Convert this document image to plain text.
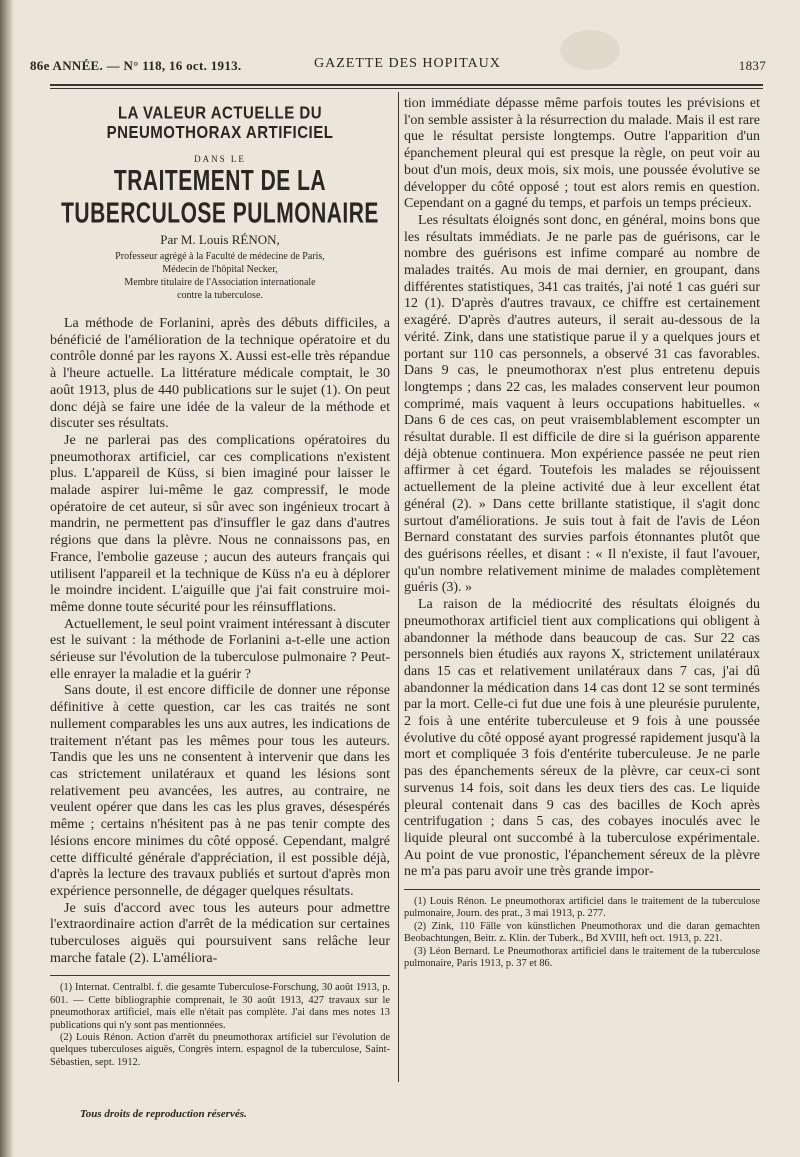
86e ANNÉE. — N° 118, 16 oct. 1913.	GAZETTE DES HOPITAUX	1837
LA VALEUR ACTUELLE DU PNEUMOTHORAX ARTIFICIEL
DANS LE
TRAITEMENT DE LA TUBERCULOSE PULMONAIRE
Par M. Louis RÉNON,
Professeur agrégé à la Faculté de médecine de Paris,
Médecin de l'hôpital Necker,
Membre titulaire de l'Association internationale
contre la tuberculose.

La méthode de Forlanini, après des débuts difficiles, a bénéficié de l'amélioration de la technique opératoire et du contrôle donné par les rayons X. Aussi est-elle très répandue à l'heure actuelle. La littérature médicale comptait, le 30 août 1913, plus de 440 publications sur le sujet (1). On peut donc déjà se faire une idée de la valeur de la méthode et discuter ses résultats.

Je ne parlerai pas des complications opératoires du pneumothorax artificiel, car ces complications n'existent plus. L'appareil de Küss, si bien imaginé pour laisser le malade aspirer lui-même le gaz compressif, le mode opératoire de cet auteur, si sûr avec son ingénieux trocart à mandrin, ne permettent pas d'insuffler le gaz dans d'autres régions que dans la plèvre. Nous ne connaissons pas, en France, l'embolie gazeuse ; aucun des auteurs français qui utilisent l'appareil et la technique de Küss n'a eu à déplorer le moindre incident. L'aiguille que j'ai fait construire moi-même donne toute sécurité pour les réinsufflations.

Actuellement, le seul point vraiment intéressant à discuter est le suivant : la méthode de Forlanini a-t-elle une action sérieuse sur l'évolution de la tuberculose pulmonaire ? Peut-elle enrayer la maladie et la guérir ?

Sans doute, il est encore difficile de donner une réponse définitive à cette question, car les cas traités ne sont nullement comparables les uns aux autres, les indications de traitement n'étant pas les mêmes pour tous les auteurs. Tandis que les uns ne consentent à intervenir que dans les cas strictement unilatéraux et quand les lésions sont relativement peu avancées, les autres, au contraire, ne veulent opérer que dans les cas les plus graves, désespérés même ; certains n'hésitent pas à ne pas tenir compte des lésions encore minimes du côté opposé. Cependant, malgré cette difficulté générale d'appréciation, il est possible déjà, d'après la lecture des travaux publiés et surtout d'après mon expérience personnelle, de dégager quelques résultats.

Je suis d'accord avec tous les auteurs pour admettre l'extraordinaire action d'arrêt de la médication sur certaines tuberculoses aiguës qui poursuivent sans relâche leur marche fatale (2). L'améliora-

(1) Internat. Centralbl. f. die gesamte Tuberculose-Forschung, 30 août 1913, p. 601. — Cette bibliographie comprenait, le 30 août 1913, 427 travaux sur le pneumothorax artificiel, mais elle n'était pas complète. J'ai dans mes notes 13 publications qui n'y sont pas mentionnées.

(2) Louis Rénon. Action d'arrêt du pneumothorax artificiel sur l'évolution de quelques tuberculoses aiguës, Congrès intern. espagnol de la tuberculose, Saint-Sébastien, sept. 1912.

tion immédiate dépasse même parfois toutes les prévisions et l'on semble assister à la résurrection du malade. Mais il est rare que le résultat persiste longtemps. Outre l'apparition d'un épanchement pleural qui est presque la règle, on peut voir au bout d'un mois, deux mois, six mois, une poussée évolutive se développer du côté opposé ; tout est alors remis en question. Cependant on a gagné du temps, et parfois un temps précieux.

Les résultats éloignés sont donc, en général, moins bons que les résultats immédiats. Je ne parle pas de guérisons, car le nombre des guérisons est infime comparé au nombre de malades traités. Au mois de mai dernier, en groupant, dans différentes statistiques, 341 cas traités, j'ai noté 1 cas guéri sur 12 (1). D'après d'autres travaux, ce chiffre est certainement exagéré. D'après d'autres auteurs, il serait au-dessous de la vérité. Zink, dans une statistique parue il y a quelques jours et portant sur 110 cas personnels, a observé 31 cas favorables. Dans 9 cas, le pneumothorax n'est plus entretenu depuis longtemps ; dans 22 cas, les malades conservent leur poumon comprimé, mais vaquent à leurs occupations habituelles. « Dans 6 de ces cas, on peut vraisemblablement escompter un résultat durable. Il est difficile de dire si la guérison apparente déjà obtenue continuera. Mon expérience passée ne peut rien affirmer à cet égard. Toutefois les malades se réjouissent actuellement de la pleine activité due à leur excellent état général (2). » Dans cette brillante statistique, il s'agit donc surtout d'améliorations. Je suis tout à fait de l'avis de Léon Bernard constatant des survies parfois étonnantes plutôt que des guérisons réelles, et disant : « Il n'existe, il faut l'avouer, qu'un nombre relativement minime de malades complètement guéris (3). »

La raison de la médiocrité des résultats éloignés du pneumothorax artificiel tient aux complications qui obligent à abandonner la méthode dans beaucoup de cas. Sur 22 cas personnels bien étudiés aux rayons X, strictement unilatéraux dans 15 cas et relativement unilatéraux dans 7 cas, j'ai dû abandonner la médication dans 14 cas dont 12 se sont terminés par la mort. Celle-ci fut due une fois à une pleurésie purulente, 2 fois à une entérite tuberculeuse et 9 fois à une poussée évolutive du côté opposé ayant progressé rapidement jusqu'à la mort et compliquée 3 fois d'entérite tuberculeuse. Je ne parle pas des épanchements séreux de la plèvre, car ceux-ci sont survenus 14 fois, soit dans les deux tiers des cas. Le liquide pleural contenait dans 9 cas des bacilles de Koch après centrifugation ; dans 5 cas, des cobayes inoculés avec le liquide pleural ont succombé à la tuberculose expérimentale. Au point de vue pronostic, l'épanchement séreux de la plèvre ne m'a pas paru avoir une très grande impor-

(1) Louis Rénon. Le pneumothorax artificiel dans le traitement de la tuberculose pulmonaire, Journ. des prat., 3 mai 1913, p. 277.

(2) Zink, 110 Fälle von künstlichen Pneumothorax und die daran gemachten Beobachtungen, Beitr. z. Klin. der Tuberk., Bd XVIII, heft oct. 1913, p. 221.

(3) Léon Bernard. Le Pneumothorax artificiel dans le traitement de la tuberculose pulmonaire, Paris 1913, p. 37 et 86.

Tous droits de reproduction réservés.
